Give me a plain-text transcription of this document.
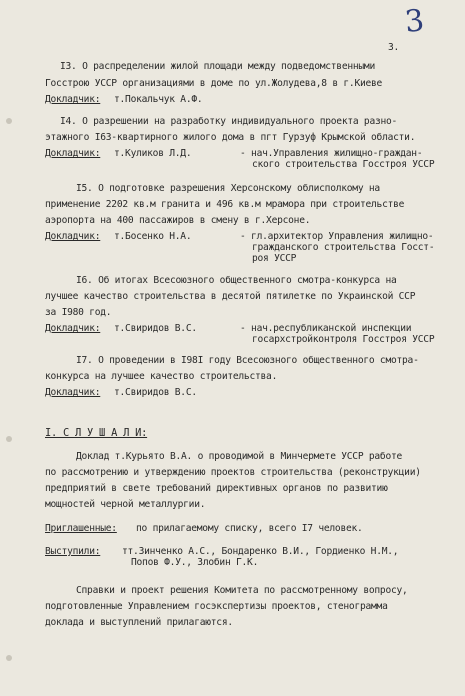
3.
3
I3. О распределении жилой площади между подведомственными
Госстрою УССР организациями в доме по ул.Жолудева,8 в г.Киеве
Докладчик: т.Покальчук А.Ф.
I4. О разрешении на разработку индивидуального проекта разно-
этажного I63-квартирного жилого дома в пгт Гурзуф Крымской области.
Докладчик: т.Куликов Л.Д.	- нач.Управления жилищно-граждан-
ского строительства Госстроя УССР
I5. О подготовке разрешения Херсонскому облисполкому на
применение 2202 кв.м гранита и 496 кв.м мрамора при строительстве
аэропорта на 400 пассажиров в смену в г.Херсоне.
Докладчик: т.Босенко Н.А.	- гл.архитектор Управления жилищно-
гражданского строительства Госст-
роя УССР
I6. Об итогах Всесоюзного общественного смотра-конкурса на
лучшее качество строительства в десятой пятилетке по Украинской ССР
за I980 год.
Докладчик: т.Свиридов В.С.	- нач.республиканской инспекции
госархстройконтроля Госстроя УССР
I7. О проведении в I98I году Всесоюзного общественного смотра-
конкурса на лучшее качество строительства.
Докладчик: т.Свиридов В.С.
I. С Л У Ш А Л И:
Доклад т.Курьято В.А. о проводимой в Минчермете УССР работе
по рассмотрению и утверждению проектов строительства (реконструкции)
предприятий в свете требований директивных органов по развитию
мощностей черной металлургии.
Приглашенные: по прилагаемому списку, всего I7 человек.
Выступили: тт.Зинченко А.С., Бондаренко В.И., Гордиенко Н.М.,
Попов Ф.У., Злобин Г.К.
Справки и проект решения Комитета по рассмотренному вопросу,
подготовленные Управлением госэкспертизы проектов, стенограмма
доклада и выступлений прилагаются.
